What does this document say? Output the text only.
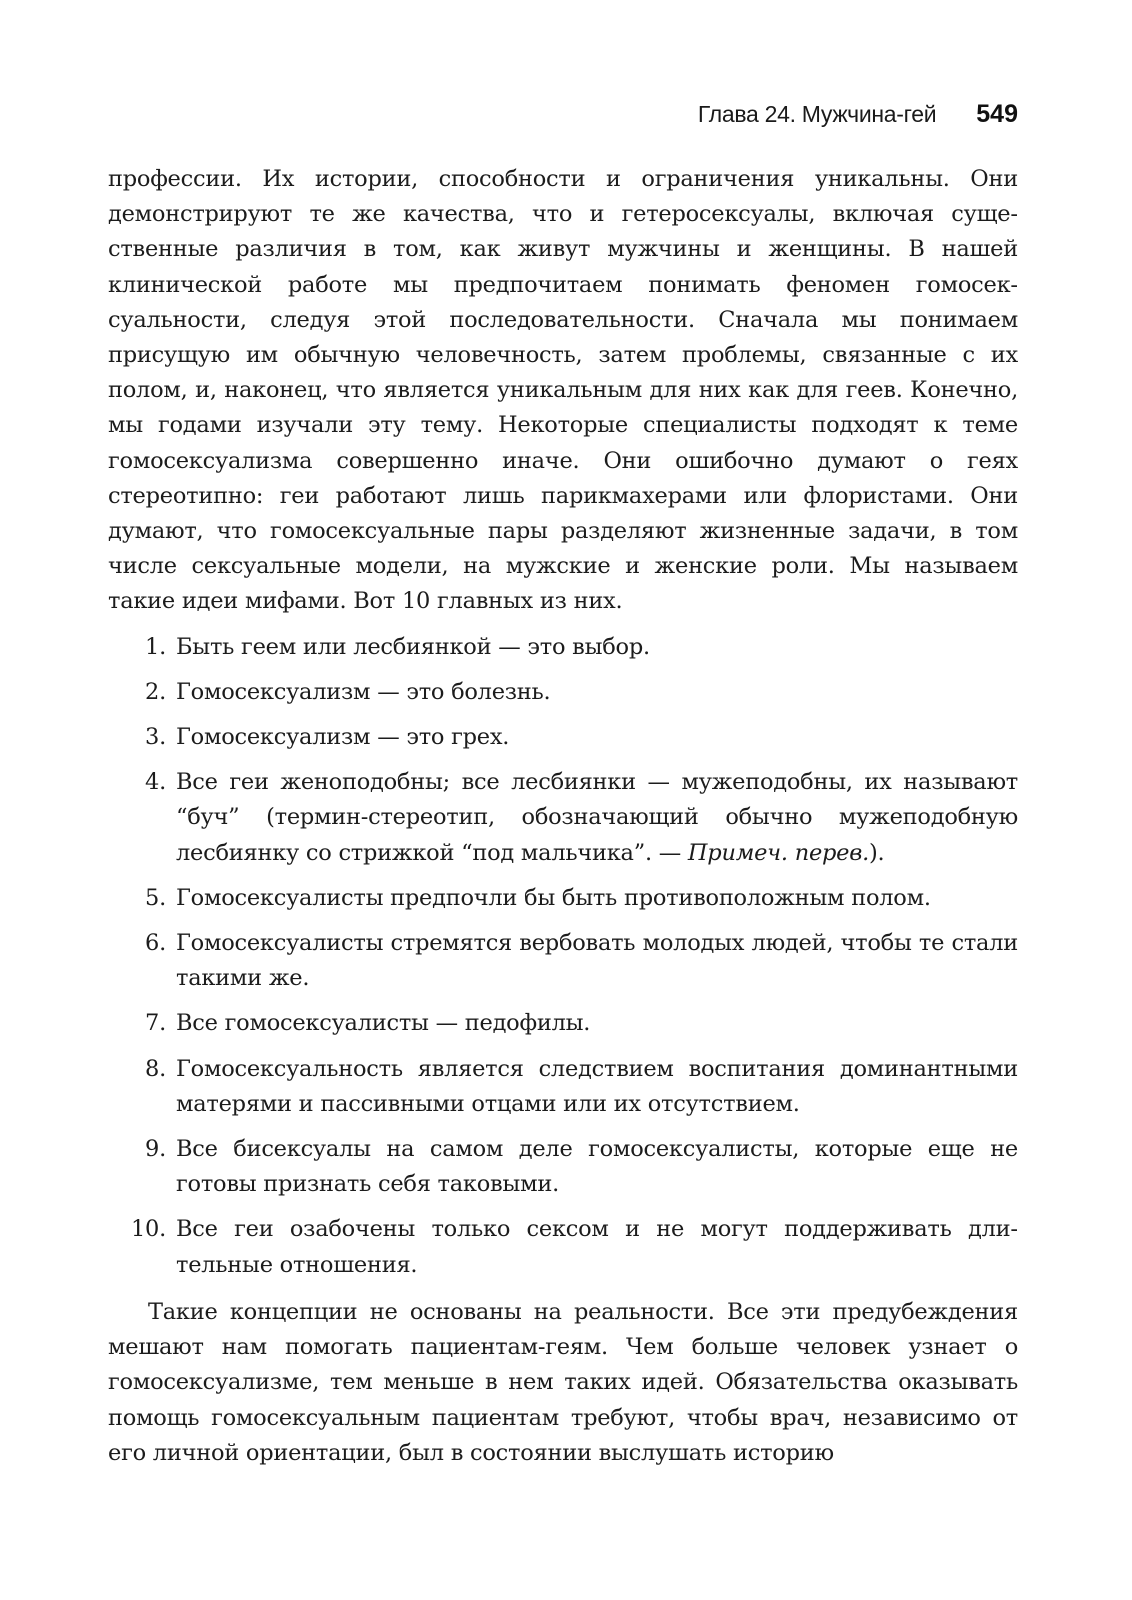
Глава 24. Мужчина-гей 549

профессии. Их истории, способности и ограничения уникальны. Они демонстрируют те же качества, что и гетеросексуалы, включая существенные различия в том, как живут мужчины и женщины. В нашей клинической работе мы предпочитаем понимать феномен гомосексуальности, следуя этой последовательности. Сначала мы понимаем присущую им обычную человечность, затем проблемы, связанные с их полом, и, наконец, что является уникальным для них как для геев. Конечно, мы годами изучали эту тему. Некоторые специалисты подходят к теме гомосексуализма совершенно иначе. Они ошибочно думают о геях стереотипно: геи работают лишь парикмахерами или флористами. Они думают, что гомосексуальные пары разделяют жизненные задачи, в том числе сексуальные модели, на мужские и женские роли. Мы называем такие идеи мифами. Вот 10 главных из них.

1. Быть геем или лесбиянкой — это выбор.
2. Гомосексуализм — это болезнь.
3. Гомосексуализм — это грех.
4. Все геи женоподобны; все лесбиянки — мужеподобны, их называют “буч” (термин-стереотип, обозначающий обычно мужеподобную лесбиянку со стрижкой “под мальчика”. — Примеч. перев.).
5. Гомосексуалисты предпочли бы быть противоположным полом.
6. Гомосексуалисты стремятся вербовать молодых людей, чтобы те стали такими же.
7. Все гомосексуалисты — педофилы.
8. Гомосексуальность является следствием воспитания доминантными матерями и пассивными отцами или их отсутствием.
9. Все бисексуалы на самом деле гомосексуалисты, которые еще не готовы признать себя таковыми.
10. Все геи озабочены только сексом и не могут поддерживать длительные отношения.

Такие концепции не основаны на реальности. Все эти предубеждения мешают нам помогать пациентам-геям. Чем больше человек узнает о гомосексуализме, тем меньше в нем таких идей. Обязательства оказывать помощь гомосексуальным пациентам требуют, чтобы врач, независимо от его личной ориентации, был в состоянии выслушать историю
